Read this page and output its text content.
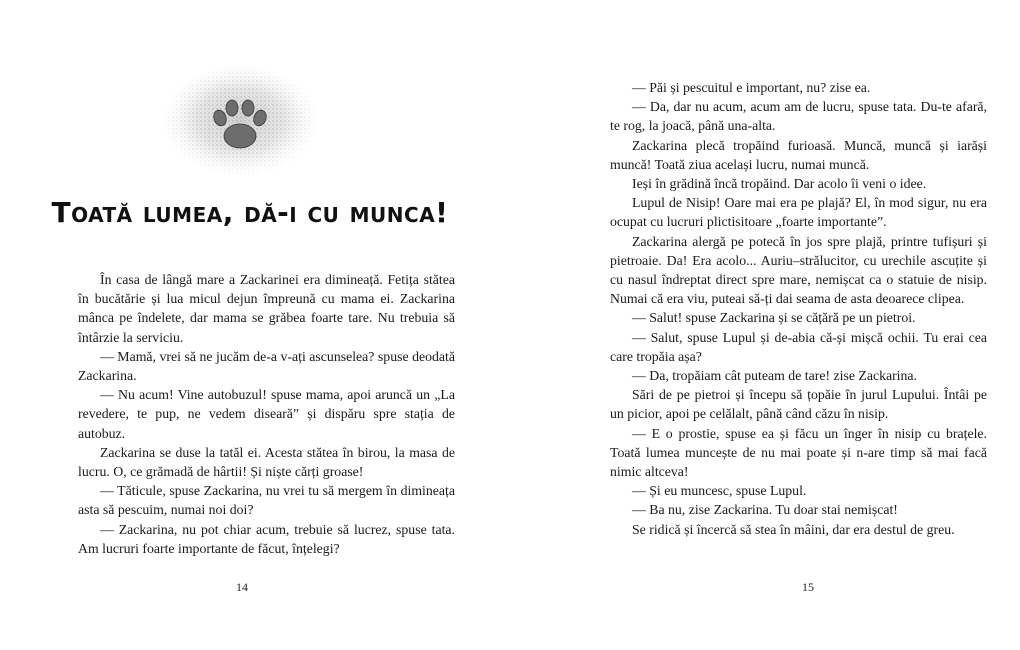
Toată lumea, dă-i cu munca!

În casa de lângă mare a Zackarinei era dimineață. Fetița stătea în bucătărie și lua micul dejun împreună cu mama ei. Zackarina mânca pe îndelete, dar mama se grăbea foarte tare. Nu trebuia să întârzie la serviciu.

— Mamă, vrei să ne jucăm de-a v-ați ascunselea? spuse deodată Zackarina.

— Nu acum! Vine autobuzul! spuse mama, apoi aruncă un „La revedere, te pup, ne vedem diseară” și dispăru spre stația de autobuz.

Zackarina se duse la tatăl ei. Acesta stătea în birou, la masa de lucru. O, ce grămadă de hârtii! Și niște cărți groase!

— Tăticule, spuse Zackarina, nu vrei tu să mergem în dimineața asta să pescuim, numai noi doi?

— Zackarina, nu pot chiar acum, trebuie să lucrez, spuse tata. Am lucruri foarte importante de făcut, înțelegi?

14

— Păi și pescuitul e important, nu? zise ea.

— Da, dar nu acum, acum am de lucru, spuse tata. Du-te afară, te rog, la joacă, până una-alta.

Zackarina plecă tropăind furioasă. Muncă, muncă și iarăși muncă! Toată ziua același lucru, numai muncă.

Ieși în grădină încă tropăind. Dar acolo îi veni o idee.

Lupul de Nisip! Oare mai era pe plajă? El, în mod sigur, nu era ocupat cu lucruri plictisitoare „foarte importante”.

Zackarina alergă pe potecă în jos spre plajă, printre tufișuri și pietroaie. Da! Era acolo... Auriu–strălucitor, cu urechile ascuțite și cu nasul îndreptat direct spre mare, nemișcat ca o statuie de nisip. Numai că era viu, puteai să-ți dai seama de asta deoarece clipea.

— Salut! spuse Zackarina și se cățără pe un pietroi.

— Salut, spuse Lupul și de-abia că-și mișcă ochii. Tu erai cea care tropăia așa?

— Da, tropăiam cât puteam de tare! zise Zackarina.

Sări de pe pietroi și începu să țopăie în jurul Lupului. Întâi pe un picior, apoi pe celălalt, până când căzu în nisip.

— E o prostie, spuse ea și făcu un înger în nisip cu brațele. Toată lumea muncește de nu mai poate și n-are timp să mai facă nimic altceva!

— Și eu muncesc, spuse Lupul.

— Ba nu, zise Zackarina. Tu doar stai nemișcat!

Se ridică și încercă să stea în mâini, dar era destul de greu.

15
